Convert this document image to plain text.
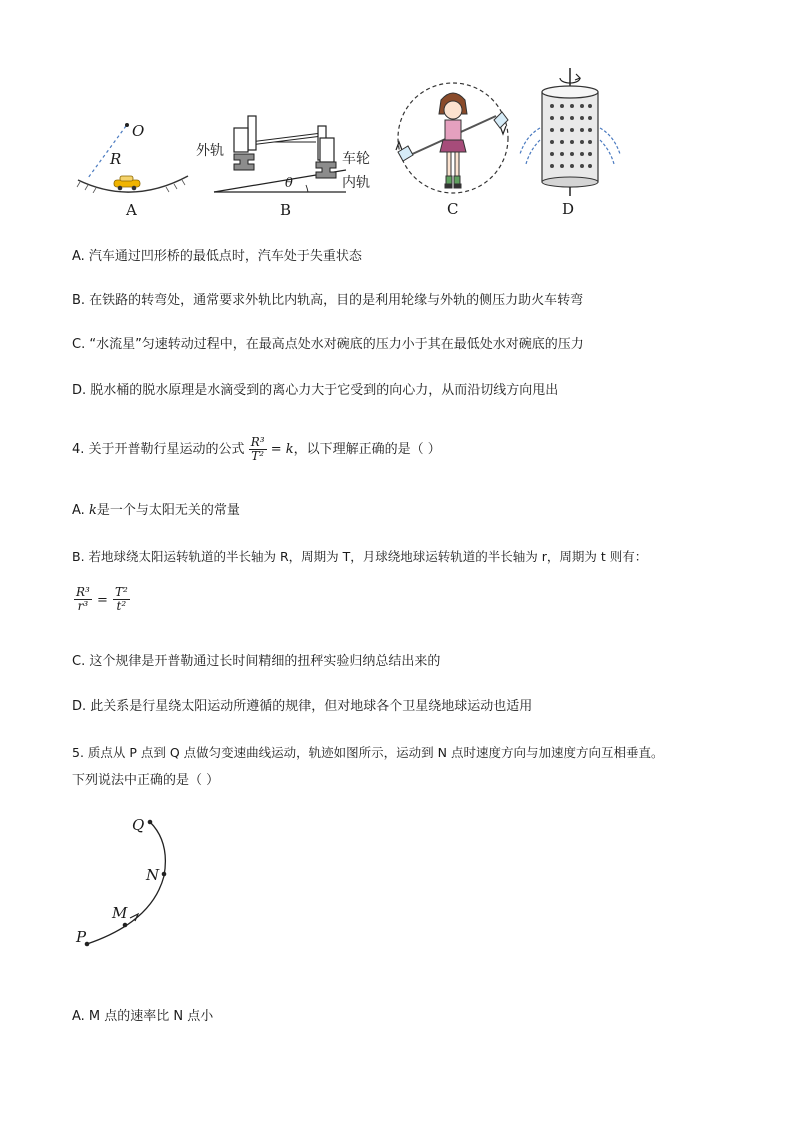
O
R
A
外轨	车轮
内轨
θ
B	C	D
A. 汽车通过凹形桥的最低点时，汽车处于失重状态
B. 在铁路的转弯处，通常要求外轨比内轨高，目的是利用轮缘与外轨的侧压力助火车转弯
C. “水流星”匀速转动过程中，在最高点处水对碗底的压力小于其在最低处水对碗底的压力
D. 脱水桶的脱水原理是水滴受到的离心力大于它受到的向心力，从而沿切线方向甩出
4. 关于开普勒行星运动的公式 $\frac{\text{R³}}{\text{T²}} = k$，以下理解正确的是（ ）
A. k是一个与太阳无关的常量
B. 若地球绕太阳运转轨道的半长轴为 R，周期为 T，月球绕地球运转轨道的半长轴为 r，周期为 t 则有：
$\frac{\text{R³}}{\text{r³}} = \frac{\text{T²}}{\text{t²}}$
C. 这个规律是开普勒通过长时间精细的扭秤实验归纳总结出来的
D. 此关系是行星绕太阳运动所遵循的规律，但对地球各个卫星绕地球运动也适用
5. 质点从 P 点到 Q 点做匀变速曲线运动，轨迹如图所示，运动到 N 点时速度方向与加速度方向互相垂直。
下列说法中正确的是（ ）
Q
N
M
P
A. M 点的速率比 N 点小
